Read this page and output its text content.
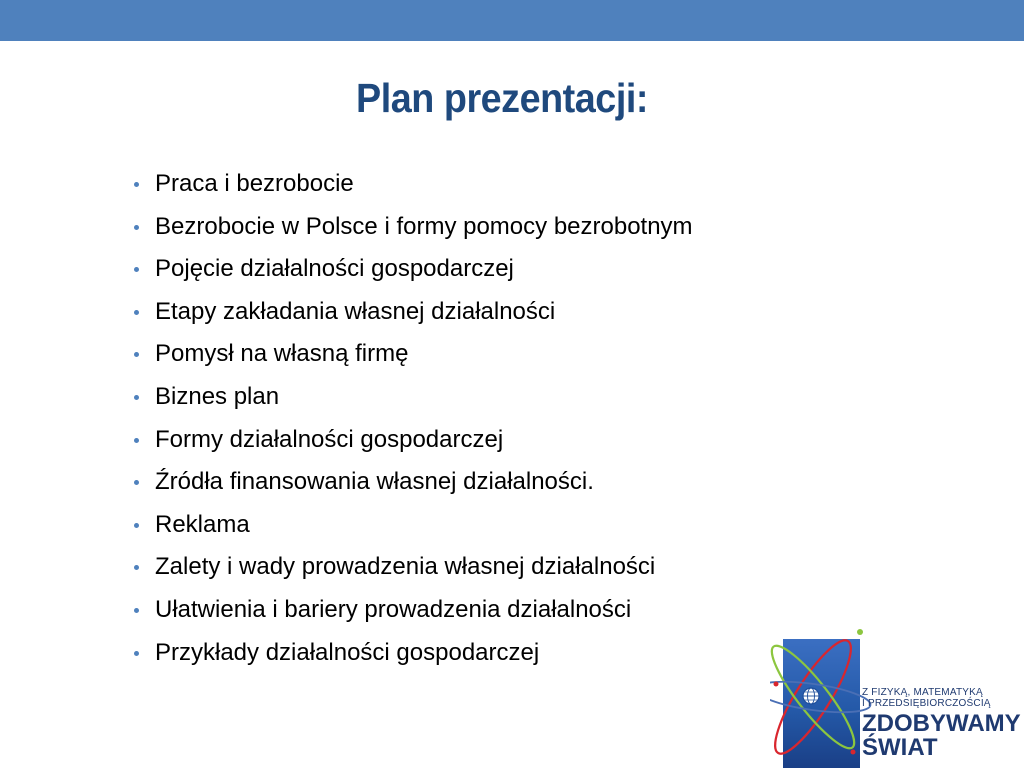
Plan prezentacji:
Praca i bezrobocie
Bezrobocie w Polsce i formy pomocy bezrobotnym
Pojęcie działalności gospodarczej
Etapy zakładania własnej działalności
Pomysł na własną firmę
Biznes plan
Formy działalności gospodarczej
Źródła finansowania własnej działalności.
Reklama
Zalety i wady prowadzenia własnej działalności
Ułatwienia i bariery prowadzenia działalności
Przykłady działalności gospodarczej
Z FIZYKĄ, MATEMATYKĄ
I PRZEDSIĘBIORCZOŚCIĄ
ZDOBYWAMY
ŚWIAT
